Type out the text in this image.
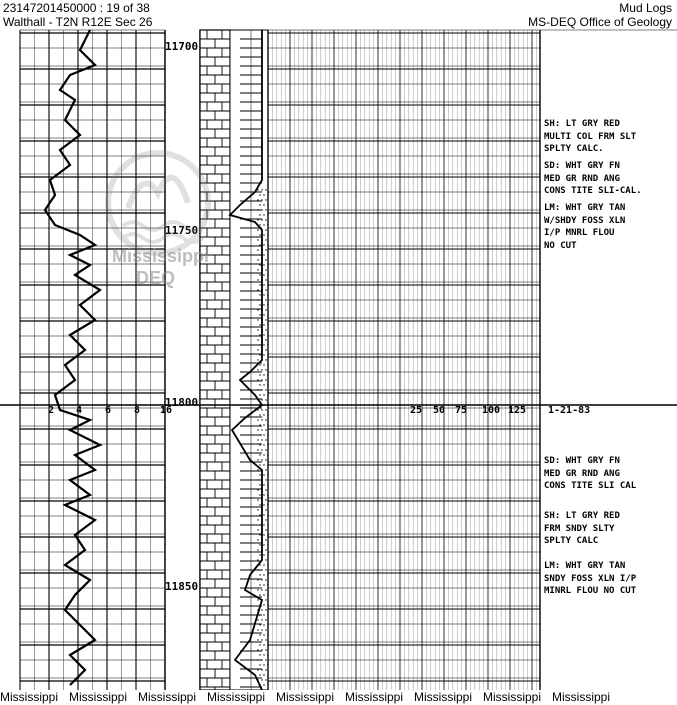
23147201450000 : 19 of 38
Walthall - T2N R12E Sec 26
Mud Logs
MS-DEQ Office of Geology
11700
11750
11800
11850
2 4 6 8 16	25 50 75 100 125 1-21-83
SH: LT GRY RED
MULTI COL FRM SLT
SPLTY CALC.
SD: WHT GRY FN
MED GR RND ANG
CONS TITE SLI-CAL.
LM: WHT GRY TAN
W/SHDY FOSS XLN
I/P MNRL FLOU
NO CUT
SD: WHT GRY FN
MED GR RND ANG
CONS TITE SLI CAL
SH: LT GRY RED
FRM SNDY SLTY
SPLTY CALC
LM: WHT GRY TAN
SNDY FOSS XLN I/P
MINRL FLOU NO CUT
Mississippi
DEQ
Mississippi Mississippi Mississippi Mississippi Mississippi Mississippi Mississippi Mississippi Mississippi
